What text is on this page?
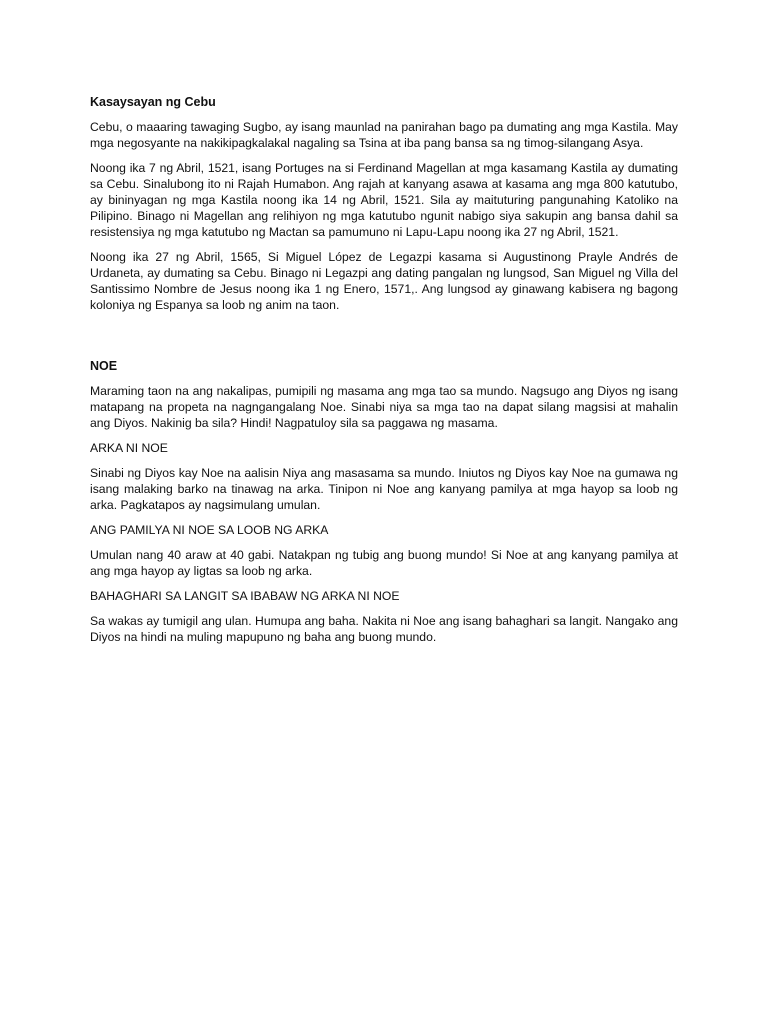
Kasaysayan ng Cebu

Cebu, o maaaring tawaging Sugbo, ay isang maunlad na panirahan bago pa dumating ang mga Kastila. May mga negosyante na nakikipagkalakal nagaling sa Tsina at iba pang bansa sa ng timog-silangang Asya.

Noong ika 7 ng Abril, 1521, isang Portuges na si Ferdinand Magellan at mga kasamang Kastila ay dumating sa Cebu. Sinalubong ito ni Rajah Humabon. Ang rajah at kanyang asawa at kasama ang mga 800 katutubo, ay bininyagan ng mga Kastila noong ika 14 ng Abril, 1521. Sila ay maituturing pangunahing Katoliko na Pilipino. Binago ni Magellan ang relihiyon ng mga katutubo ngunit nabigo siya sakupin ang bansa dahil sa resistensiya ng mga katutubo ng Mactan sa pamumuno ni Lapu-Lapu noong ika 27 ng Abril, 1521.

Noong ika 27 ng Abril, 1565, Si Miguel López de Legazpi kasama si Augustinong Prayle Andrés de Urdaneta, ay dumating sa Cebu. Binago ni Legazpi ang dating pangalan ng lungsod, San Miguel ng Villa del Santissimo Nombre de Jesus noong ika 1 ng Enero, 1571,. Ang lungsod ay ginawang kabisera ng bagong koloniya ng Espanya sa loob ng anim na taon.

NOE

Maraming taon na ang nakalipas, pumipili ng masama ang mga tao sa mundo. Nagsugo ang Diyos ng isang matapang na propeta na nagngangalang Noe. Sinabi niya sa mga tao na dapat silang magsisi at mahalin ang Diyos. Nakinig ba sila? Hindi! Nagpatuloy sila sa paggawa ng masama.

ARKA NI NOE

Sinabi ng Diyos kay Noe na aalisin Niya ang masasama sa mundo. Iniutos ng Diyos kay Noe na gumawa ng isang malaking barko na tinawag na arka. Tinipon ni Noe ang kanyang pamilya at mga hayop sa loob ng arka. Pagkatapos ay nagsimulang umulan.

ANG PAMILYA NI NOE SA LOOB NG ARKA

Umulan nang 40 araw at 40 gabi. Natakpan ng tubig ang buong mundo! Si Noe at ang kanyang pamilya at ang mga hayop ay ligtas sa loob ng arka.

BAHAGHARI SA LANGIT SA IBABAW NG ARKA NI NOE

Sa wakas ay tumigil ang ulan. Humupa ang baha. Nakita ni Noe ang isang bahaghari sa langit. Nangako ang Diyos na hindi na muling mapupuno ng baha ang buong mundo.
